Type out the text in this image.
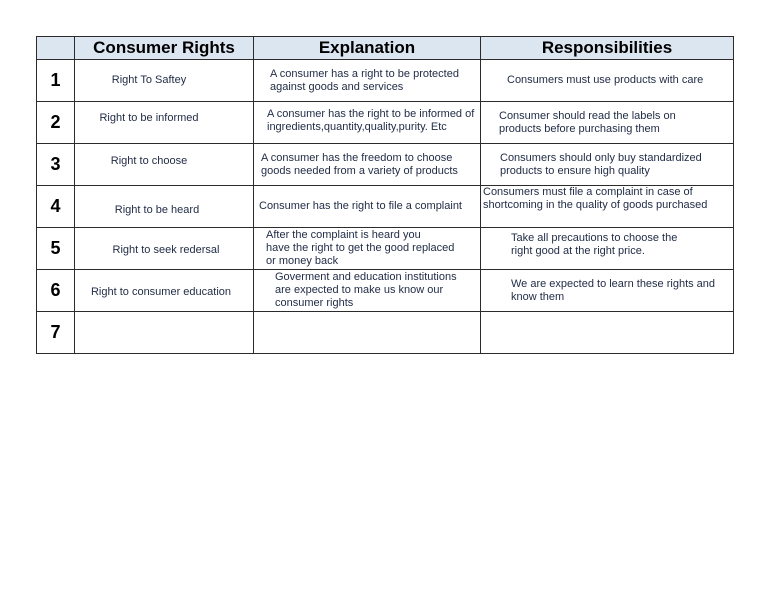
	Consumer Rights	Explanation	Responsibilities
1	Right To Saftey	A consumer has a right to be protected
against goods and services	Consumers must use products with care

2	Right to be informed	A consumer has the right to be informed of
ingredients,quantity,quality,purity. Etc	Consumer should read the labels on
products before purchasing them

3	Right to choose	A consumer has the freedom to choose
goods needed from a variety of products	Consumers should only buy standardized
products to ensure high quality

4	Right to be heard	Consumer has the right to file a complaint	Consumers must file a complaint in case of
shortcoming in the quality of goods purchased

5	Right to seek redersal	After the complaint is heard you
have the right to get the good replaced
or money back	Take all precautions to choose the
right good at the right price.

6	Right to consumer education	Goverment and education institutions
are expected to make us know our
consumer rights	We are expected to learn these rights and
know them

7	
